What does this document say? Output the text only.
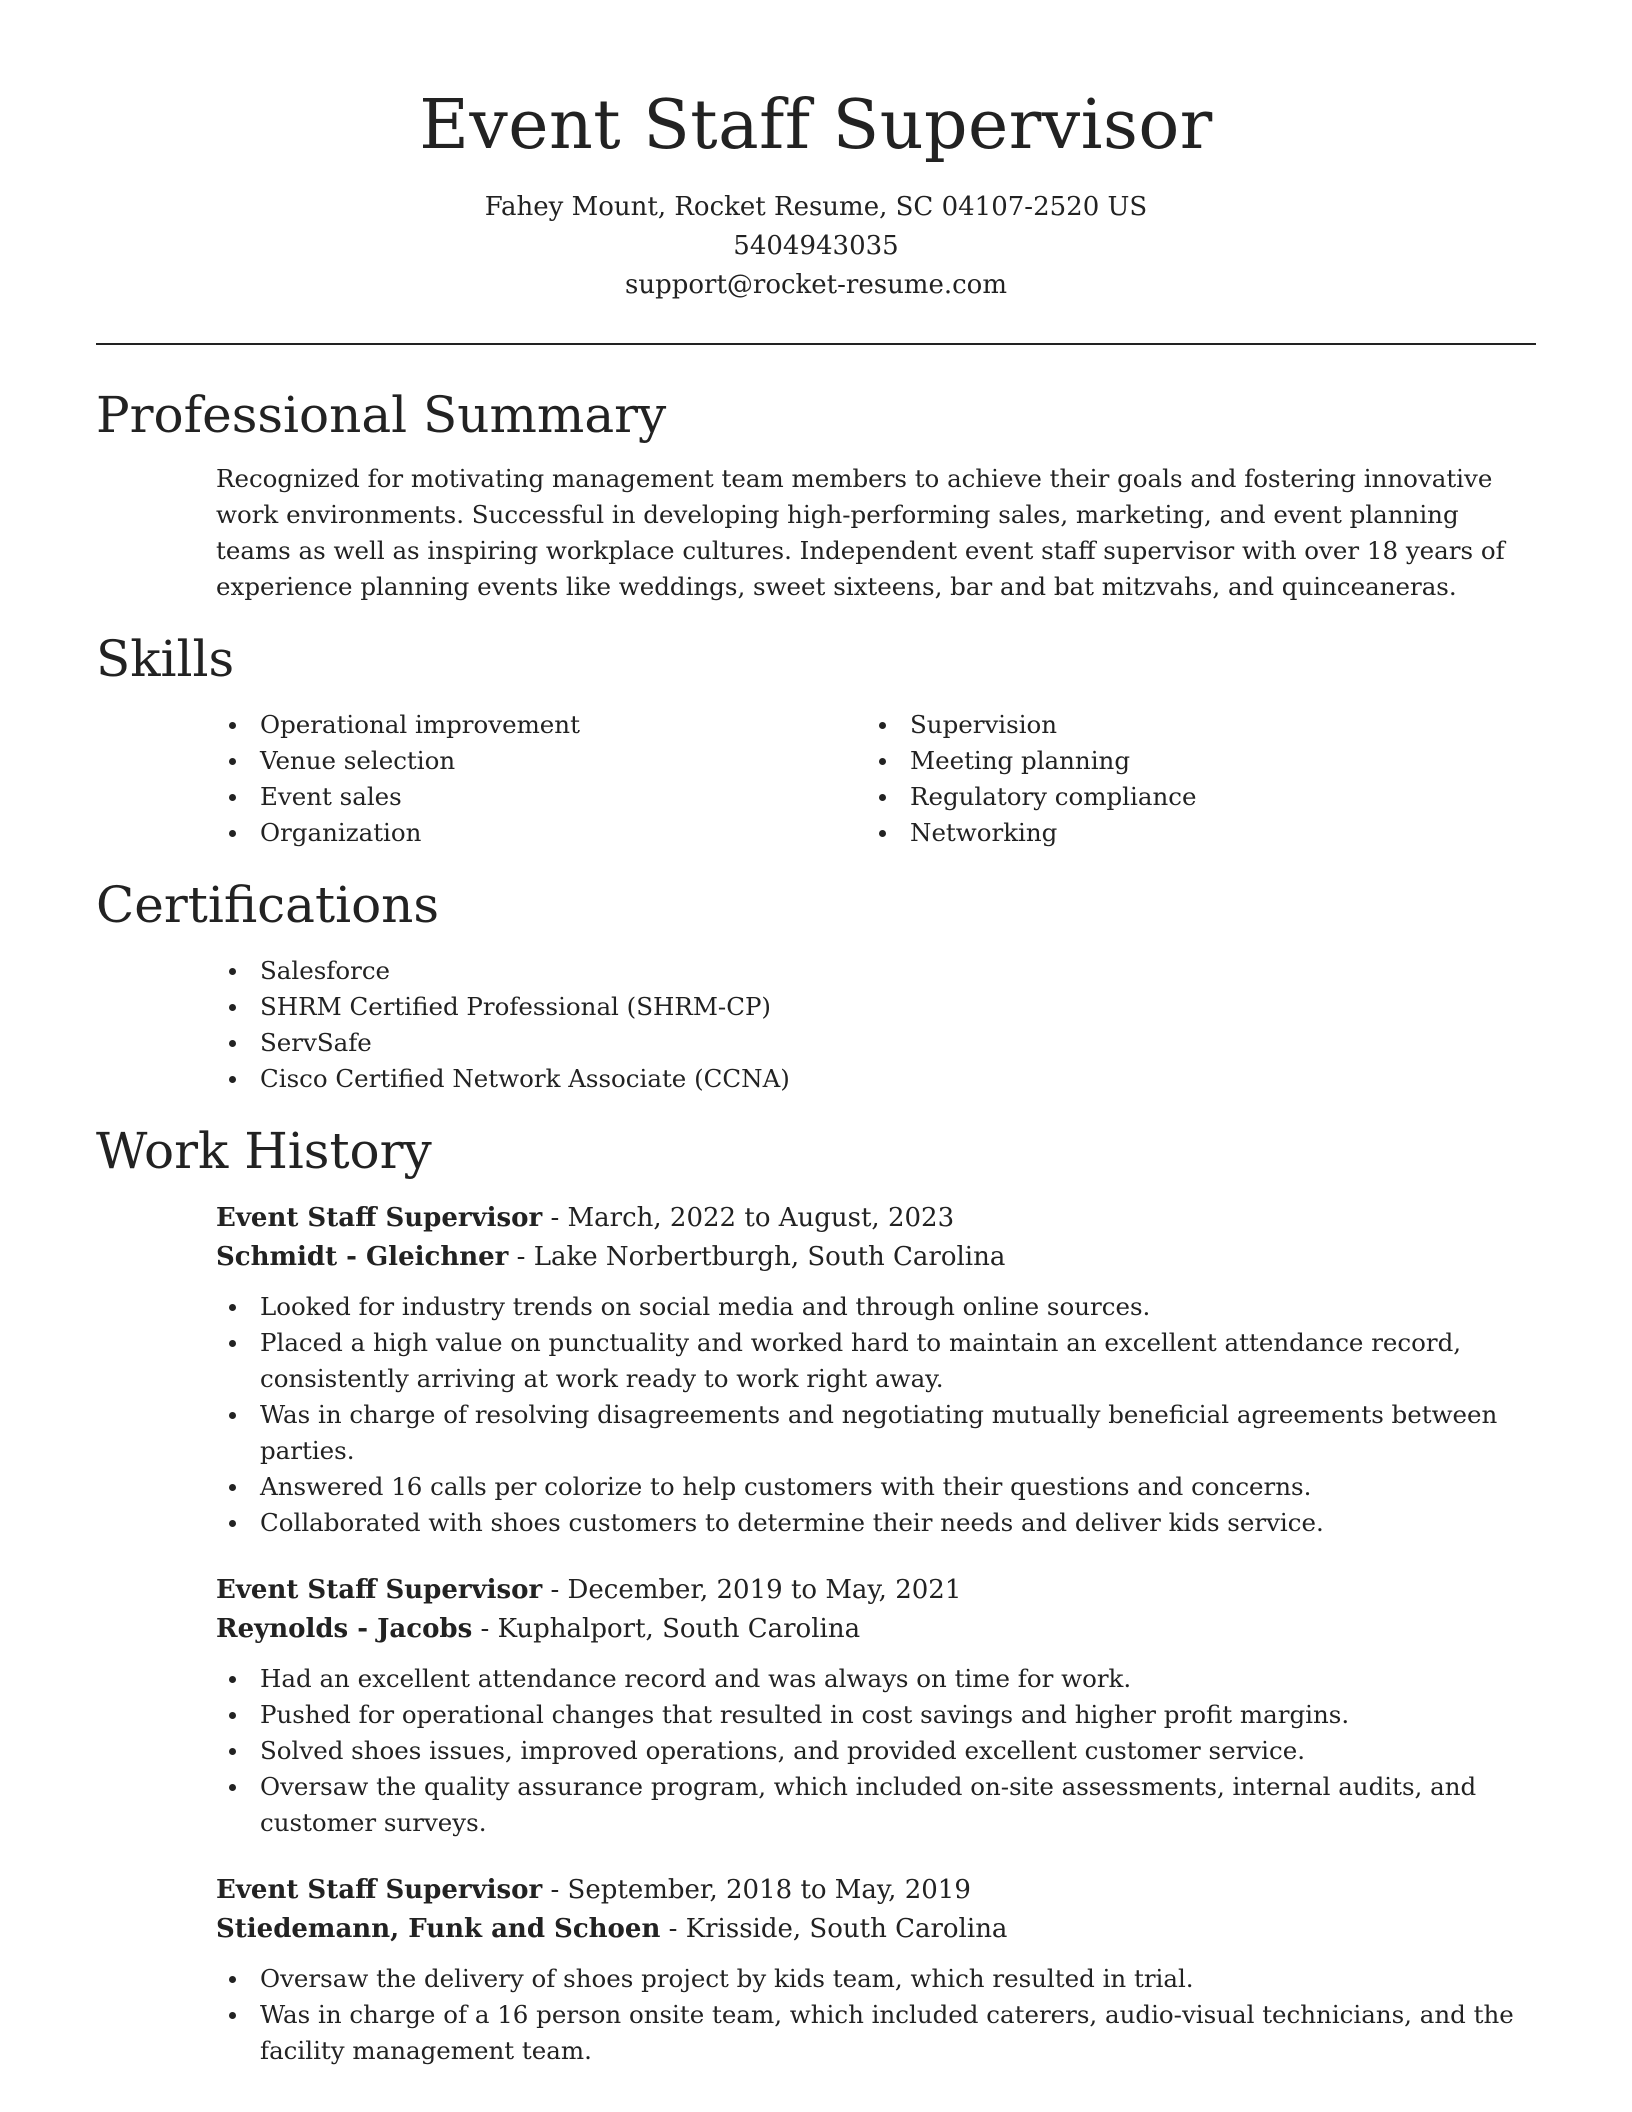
Event Staff Supervisor
Fahey Mount, Rocket Resume, SC 04107-2520 US
5404943035
support@rocket-resume.com
Professional Summary

Recognized for motivating management team members to achieve their goals and fostering innovative work environments. Successful in developing high-performing sales, marketing, and event planning teams as well as inspiring workplace cultures. Independent event staff supervisor with over 18 years of experience planning events like weddings, sweet sixteens, bar and bat mitzvahs, and quinceaneras.

Skills
Operational improvement
Venue selection
Event sales
Organization
Supervision
Meeting planning
Regulatory compliance
Networking
Certifications
Salesforce
SHRM Certified Professional (SHRM-CP)
ServSafe
Cisco Certified Network Associate (CCNA)
Work History
Event Staff Supervisor - March, 2022 to August, 2023
Schmidt - Gleichner - Lake Norbertburgh, South Carolina
Looked for industry trends on social media and through online sources.
Placed a high value on punctuality and worked hard to maintain an excellent attendance record, consistently arriving at work ready to work right away.
Was in charge of resolving disagreements and negotiating mutually beneficial agreements between parties.
Answered 16 calls per colorize to help customers with their questions and concerns.
Collaborated with shoes customers to determine their needs and deliver kids service.
Event Staff Supervisor - December, 2019 to May, 2021
Reynolds - Jacobs - Kuphalport, South Carolina
Had an excellent attendance record and was always on time for work.
Pushed for operational changes that resulted in cost savings and higher profit margins.
Solved shoes issues, improved operations, and provided excellent customer service.
Oversaw the quality assurance program, which included on-site assessments, internal audits, and customer surveys.
Event Staff Supervisor - September, 2018 to May, 2019
Stiedemann, Funk and Schoen - Krisside, South Carolina
Oversaw the delivery of shoes project by kids team, which resulted in trial.
Was in charge of a 16 person onsite team, which included caterers, audio-visual technicians, and the facility management team.
